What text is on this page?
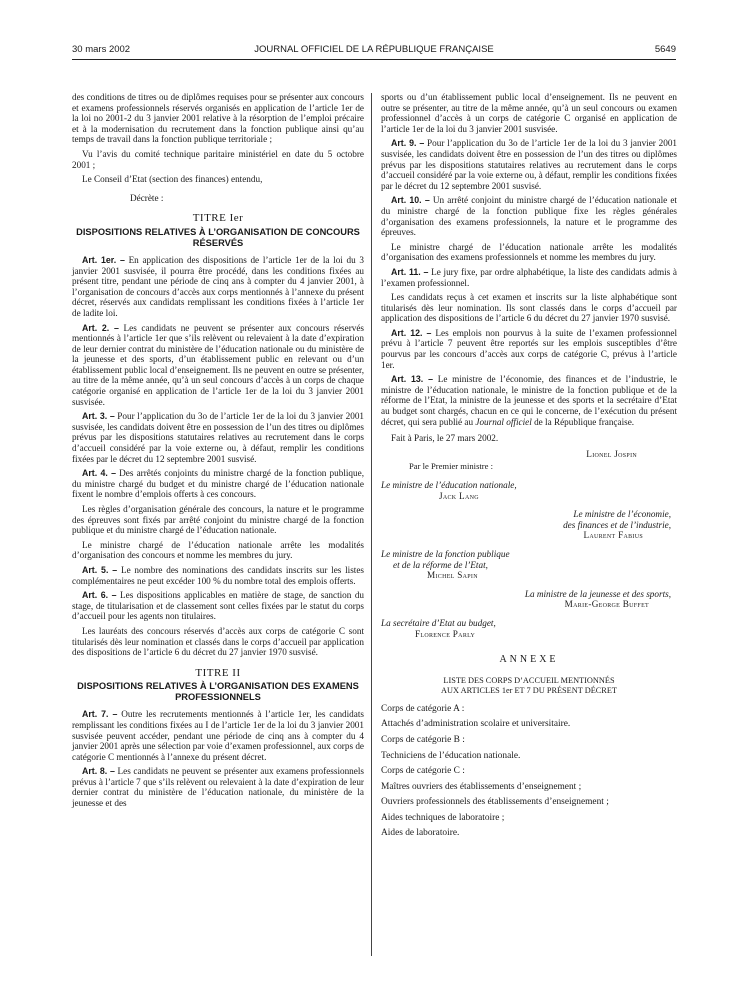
30 mars 2002	JOURNAL OFFICIEL DE LA RÉPUBLIQUE FRANÇAISE	5649

des conditions de titres ou de diplômes requises pour se présenter aux concours et examens professionnels réservés organisés en application de l’article 1er de la loi no 2001-2 du 3 janvier 2001 relative à la résorption de l’emploi précaire et à la modernisation du recrutement dans la fonction publique ainsi qu’au temps de travail dans la fonction publique territoriale ;

Vu l’avis du comité technique paritaire ministériel en date du 5 octobre 2001 ;

Le Conseil d’Etat (section des finances) entendu,

Décrète :

TITRE Ier

DISPOSITIONS RELATIVES À L’ORGANISATION DE CONCOURS RÉSERVÉS

Art. 1er. – En application des dispositions de l’article 1er de la loi du 3 janvier 2001 susvisée, il pourra être procédé, dans les conditions fixées au présent titre, pendant une période de cinq ans à compter du 4 janvier 2001, à l’organisation de concours d’accès aux corps mentionnés à l’annexe du présent décret, réservés aux candidats remplissant les conditions fixées à l’article 1er de ladite loi.

Art. 2. – Les candidats ne peuvent se présenter aux concours réservés mentionnés à l’article 1er que s’ils relèvent ou relevaient à la date d’expiration de leur dernier contrat du ministère de l’éducation nationale ou du ministère de la jeunesse et des sports, d’un établissement public en relevant ou d’un établissement public local d’enseignement. Ils ne peuvent en outre se présenter, au titre de la même année, qu’à un seul concours d’accès à un corps de chaque catégorie organisé en application de l’article 1er de la loi du 3 janvier 2001 susvisée.

Art. 3. – Pour l’application du 3o de l’article 1er de la loi du 3 janvier 2001 susvisée, les candidats doivent être en possession de l’un des titres ou diplômes prévus par les dispositions statutaires relatives au recrutement dans le corps d’accueil considéré par la voie externe ou, à défaut, remplir les conditions fixées par le décret du 12 septembre 2001 susvisé.

Art. 4. – Des arrêtés conjoints du ministre chargé de la fonction publique, du ministre chargé du budget et du ministre chargé de l’éducation nationale fixent le nombre d’emplois offerts à ces concours.

Les règles d’organisation générale des concours, la nature et le programme des épreuves sont fixés par arrêté conjoint du ministre chargé de la fonction publique et du ministre chargé de l’éducation nationale.

Le ministre chargé de l’éducation nationale arrête les modalités d’organisation des concours et nomme les membres du jury.

Art. 5. – Le nombre des nominations des candidats inscrits sur les listes complémentaires ne peut excéder 100 % du nombre total des emplois offerts.

Art. 6. – Les dispositions applicables en matière de stage, de sanction du stage, de titularisation et de classement sont celles fixées par le statut du corps d’accueil pour les agents non titulaires.

Les lauréats des concours réservés d’accès aux corps de catégorie C sont titularisés dès leur nomination et classés dans le corps d’accueil par application des dispositions de l’article 6 du décret du 27 janvier 1970 susvisé.

TITRE II

DISPOSITIONS RELATIVES À L’ORGANISATION DES EXAMENS PROFESSIONNELS

Art. 7. – Outre les recrutements mentionnés à l’article 1er, les candidats remplissant les conditions fixées au I de l’article 1er de la loi du 3 janvier 2001 susvisée peuvent accéder, pendant une période de cinq ans à compter du 4 janvier 2001 après une sélection par voie d’examen professionnel, aux corps de catégorie C mentionnés à l’annexe du présent décret.

Art. 8. – Les candidats ne peuvent se présenter aux examens professionnels prévus à l’article 7 que s’ils relèvent ou relevaient à la date d’expiration de leur dernier contrat du ministère de l’éducation nationale, du ministère de la jeunesse et des

sports ou d’un établissement public local d’enseignement. Ils ne peuvent en outre se présenter, au titre de la même année, qu’à un seul concours ou examen professionnel d’accès à un corps de catégorie C organisé en application de l’article 1er de la loi du 3 janvier 2001 susvisée.

Art. 9. – Pour l’application du 3o de l’article 1er de la loi du 3 janvier 2001 susvisée, les candidats doivent être en possession de l’un des titres ou diplômes prévus par les dispositions statutaires relatives au recrutement dans le corps d’accueil considéré par la voie externe ou, à défaut, remplir les conditions fixées par le décret du 12 septembre 2001 susvisé.

Art. 10. – Un arrêté conjoint du ministre chargé de l’éducation nationale et du ministre chargé de la fonction publique fixe les règles générales d’organisation des examens professionnels, la nature et le programme des épreuves.

Le ministre chargé de l’éducation nationale arrête les modalités d’organisation des examens professionnels et nomme les membres du jury.

Art. 11. – Le jury fixe, par ordre alphabétique, la liste des candidats admis à l’examen professionnel.

Les candidats reçus à cet examen et inscrits sur la liste alphabétique sont titularisés dès leur nomination. Ils sont classés dans le corps d’accueil par application des dispositions de l’article 6 du décret du 27 janvier 1970 susvisé.

Art. 12. – Les emplois non pourvus à la suite de l’examen professionnel prévu à l’article 7 peuvent être reportés sur les emplois susceptibles d’être pourvus par les concours d’accès aux corps de catégorie C, prévus à l’article 1er.

Art. 13. – Le ministre de l’économie, des finances et de l’industrie, le ministre de l’éducation nationale, le ministre de la fonction publique et de la réforme de l’Etat, la ministre de la jeunesse et des sports et la secrétaire d’Etat au budget sont chargés, chacun en ce qui le concerne, de l’exécution du présent décret, qui sera publié au Journal officiel de la République française.

Fait à Paris, le 27 mars 2002.

Lionel Jospin

Par le Premier ministre :

Le ministre de l’éducation nationale,

Jack Lang

Le ministre de l’économie,

des finances et de l’industrie,

Laurent Fabius

Le ministre de la fonction publique

et de la réforme de l’Etat,

Michel Sapin

La ministre de la jeunesse et des sports,

Marie-George Buffet

La secrétaire d’Etat au budget,

Florence Parly

ANNEXE

LISTE DES CORPS D’ACCUEIL MENTIONNÉS
AUX ARTICLES 1er ET 7 DU PRÉSENT DÉCRET

Corps de catégorie A :

Attachés d’administration scolaire et universitaire.

Corps de catégorie B :

Techniciens de l’éducation nationale.

Corps de catégorie C :

Maîtres ouvriers des établissements d’enseignement ;

Ouvriers professionnels des établissements d’enseignement ;

Aides techniques de laboratoire ;

Aides de laboratoire.
